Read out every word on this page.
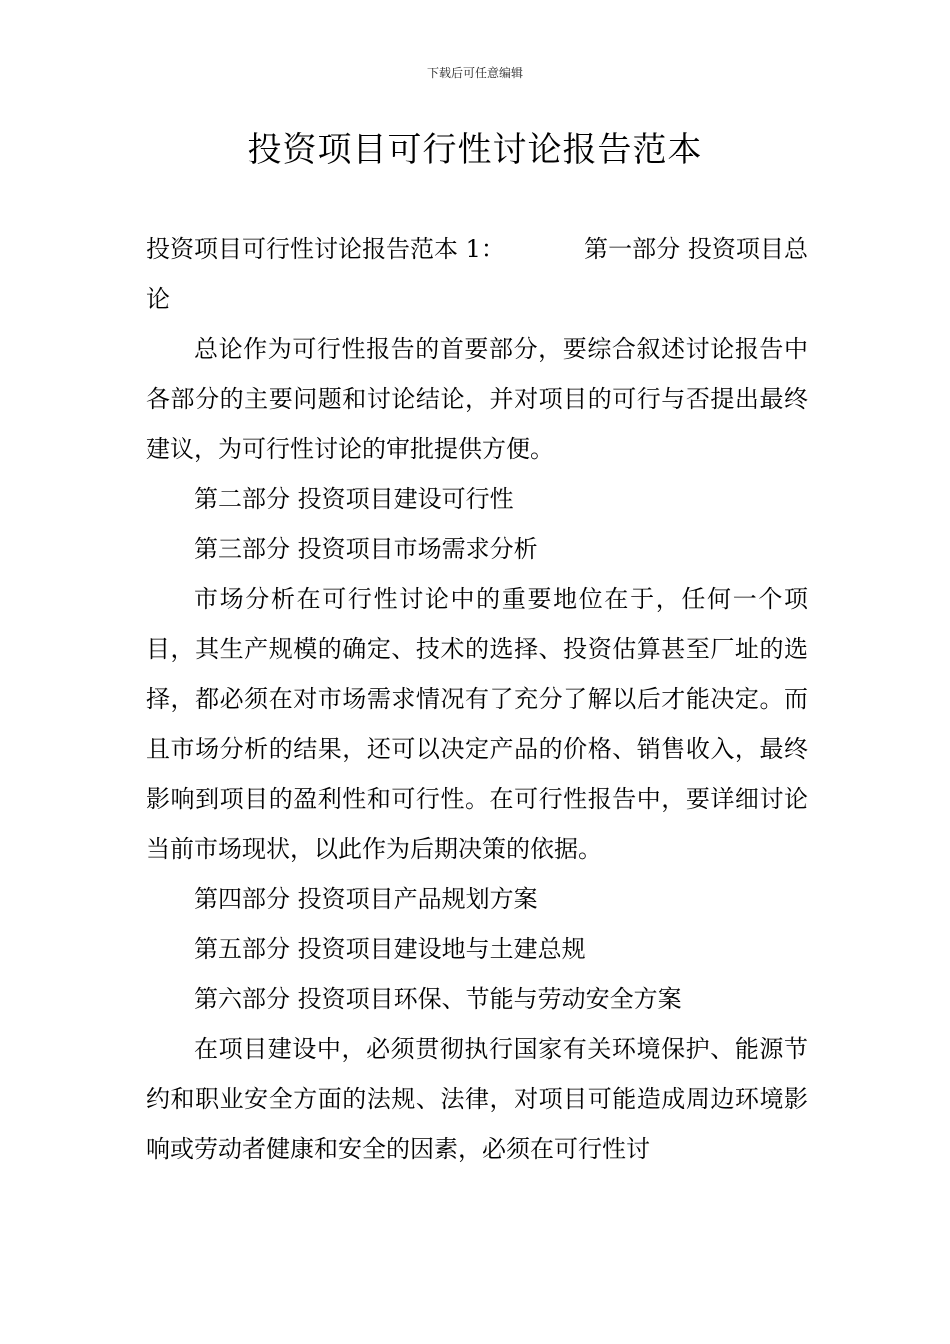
下载后可任意编辑

投资项目可行性讨论报告范本

投资项目可行性讨论报告范本 1：	第一部分 投资项目总论

总论作为可行性报告的首要部分，要综合叙述讨论报告中各部分的主要问题和讨论结论，并对项目的可行与否提出最终建议，为可行性讨论的审批提供方便。

第二部分 投资项目建设可行性

第三部分 投资项目市场需求分析

市场分析在可行性讨论中的重要地位在于，任何一个项目，其生产规模的确定、技术的选择、投资估算甚至厂址的选择，都必须在对市场需求情况有了充分了解以后才能决定。而且市场分析的结果，还可以决定产品的价格、销售收入，最终影响到项目的盈利性和可行性。在可行性报告中，要详细讨论当前市场现状，以此作为后期决策的依据。

第四部分 投资项目产品规划方案

第五部分 投资项目建设地与土建总规

第六部分 投资项目环保、节能与劳动安全方案

在项目建设中，必须贯彻执行国家有关环境保护、能源节约和职业安全方面的法规、法律，对项目可能造成周边环境影响或劳动者健康和安全的因素，必须在可行性讨
